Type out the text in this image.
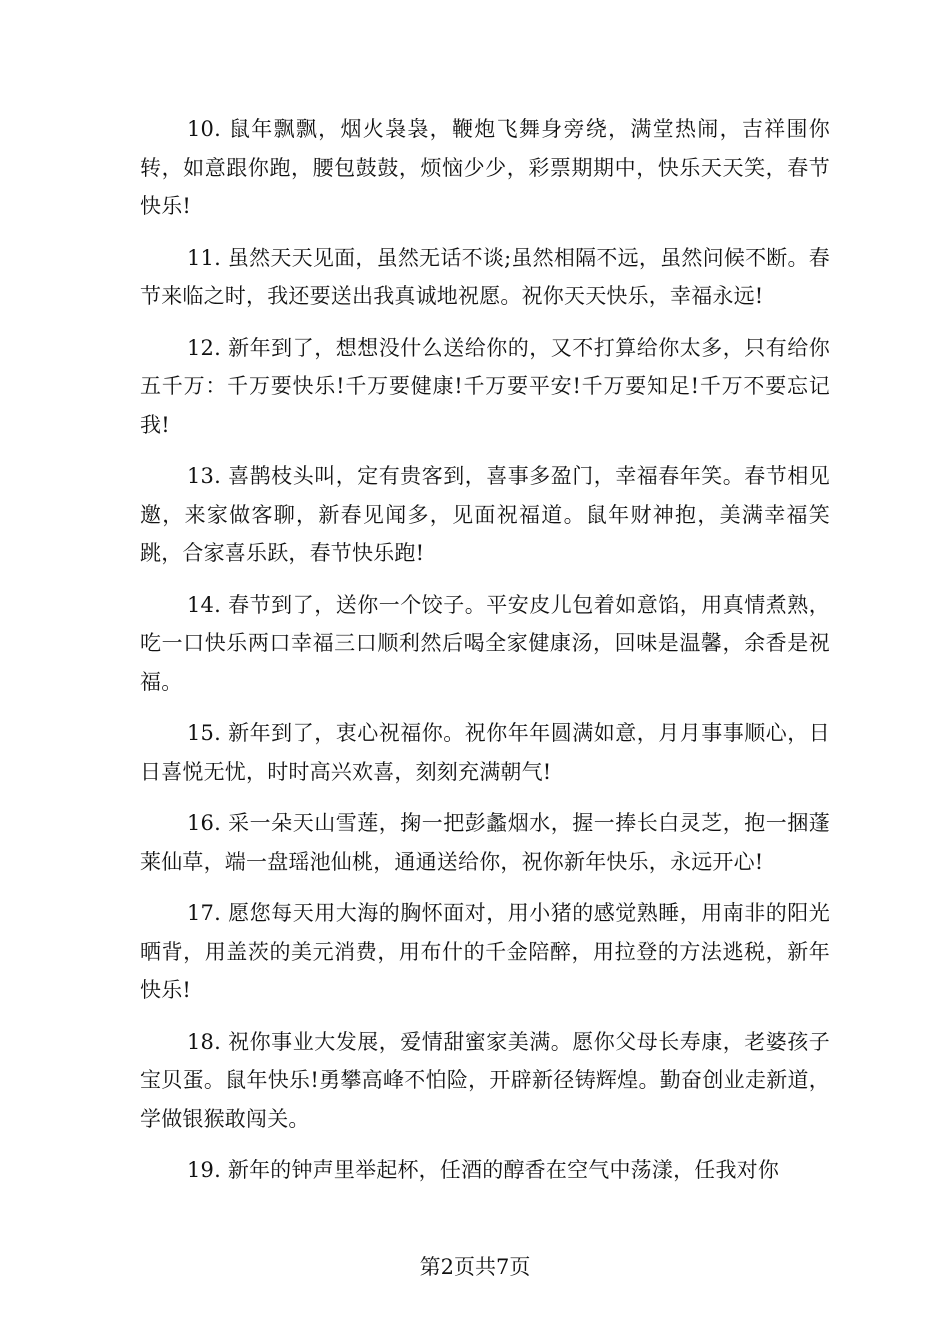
10. 鼠年飘飘，烟火袅袅，鞭炮飞舞身旁绕，满堂热闹，吉祥围你转，如意跟你跑，腰包鼓鼓，烦恼少少，彩票期期中，快乐天天笑，春节快乐!

11. 虽然天天见面，虽然无话不谈;虽然相隔不远，虽然问候不断。春节来临之时，我还要送出我真诚地祝愿。祝你天天快乐，幸福永远!

12. 新年到了，想想没什么送给你的，又不打算给你太多，只有给你五千万：千万要快乐!千万要健康!千万要平安!千万要知足!千万不要忘记我!

13. 喜鹊枝头叫，定有贵客到，喜事多盈门，幸福春年笑。春节相见邀，来家做客聊，新春见闻多，见面祝福道。鼠年财神抱，美满幸福笑跳，合家喜乐跃，春节快乐跑!

14. 春节到了，送你一个饺子。平安皮儿包着如意馅，用真情煮熟，吃一口快乐两口幸福三口顺利然后喝全家健康汤，回味是温馨，余香是祝福。

15. 新年到了，衷心祝福你。祝你年年圆满如意，月月事事顺心，日日喜悦无忧，时时高兴欢喜，刻刻充满朝气!

16. 采一朵天山雪莲，掬一把彭蠡烟水，握一捧长白灵芝，抱一捆蓬莱仙草，端一盘瑶池仙桃，通通送给你，祝你新年快乐，永远开心!

17. 愿您每天用大海的胸怀面对，用小猪的感觉熟睡，用南非的阳光晒背，用盖茨的美元消费，用布什的千金陪醉，用拉登的方法逃税，新年快乐!

18. 祝你事业大发展，爱情甜蜜家美满。愿你父母长寿康，老婆孩子宝贝蛋。鼠年快乐!勇攀高峰不怕险，开辟新径铸辉煌。勤奋创业走新道，学做银猴敢闯关。

19. 新年的钟声里举起杯，任酒的醇香在空气中荡漾，任我对你

第2页共7页
